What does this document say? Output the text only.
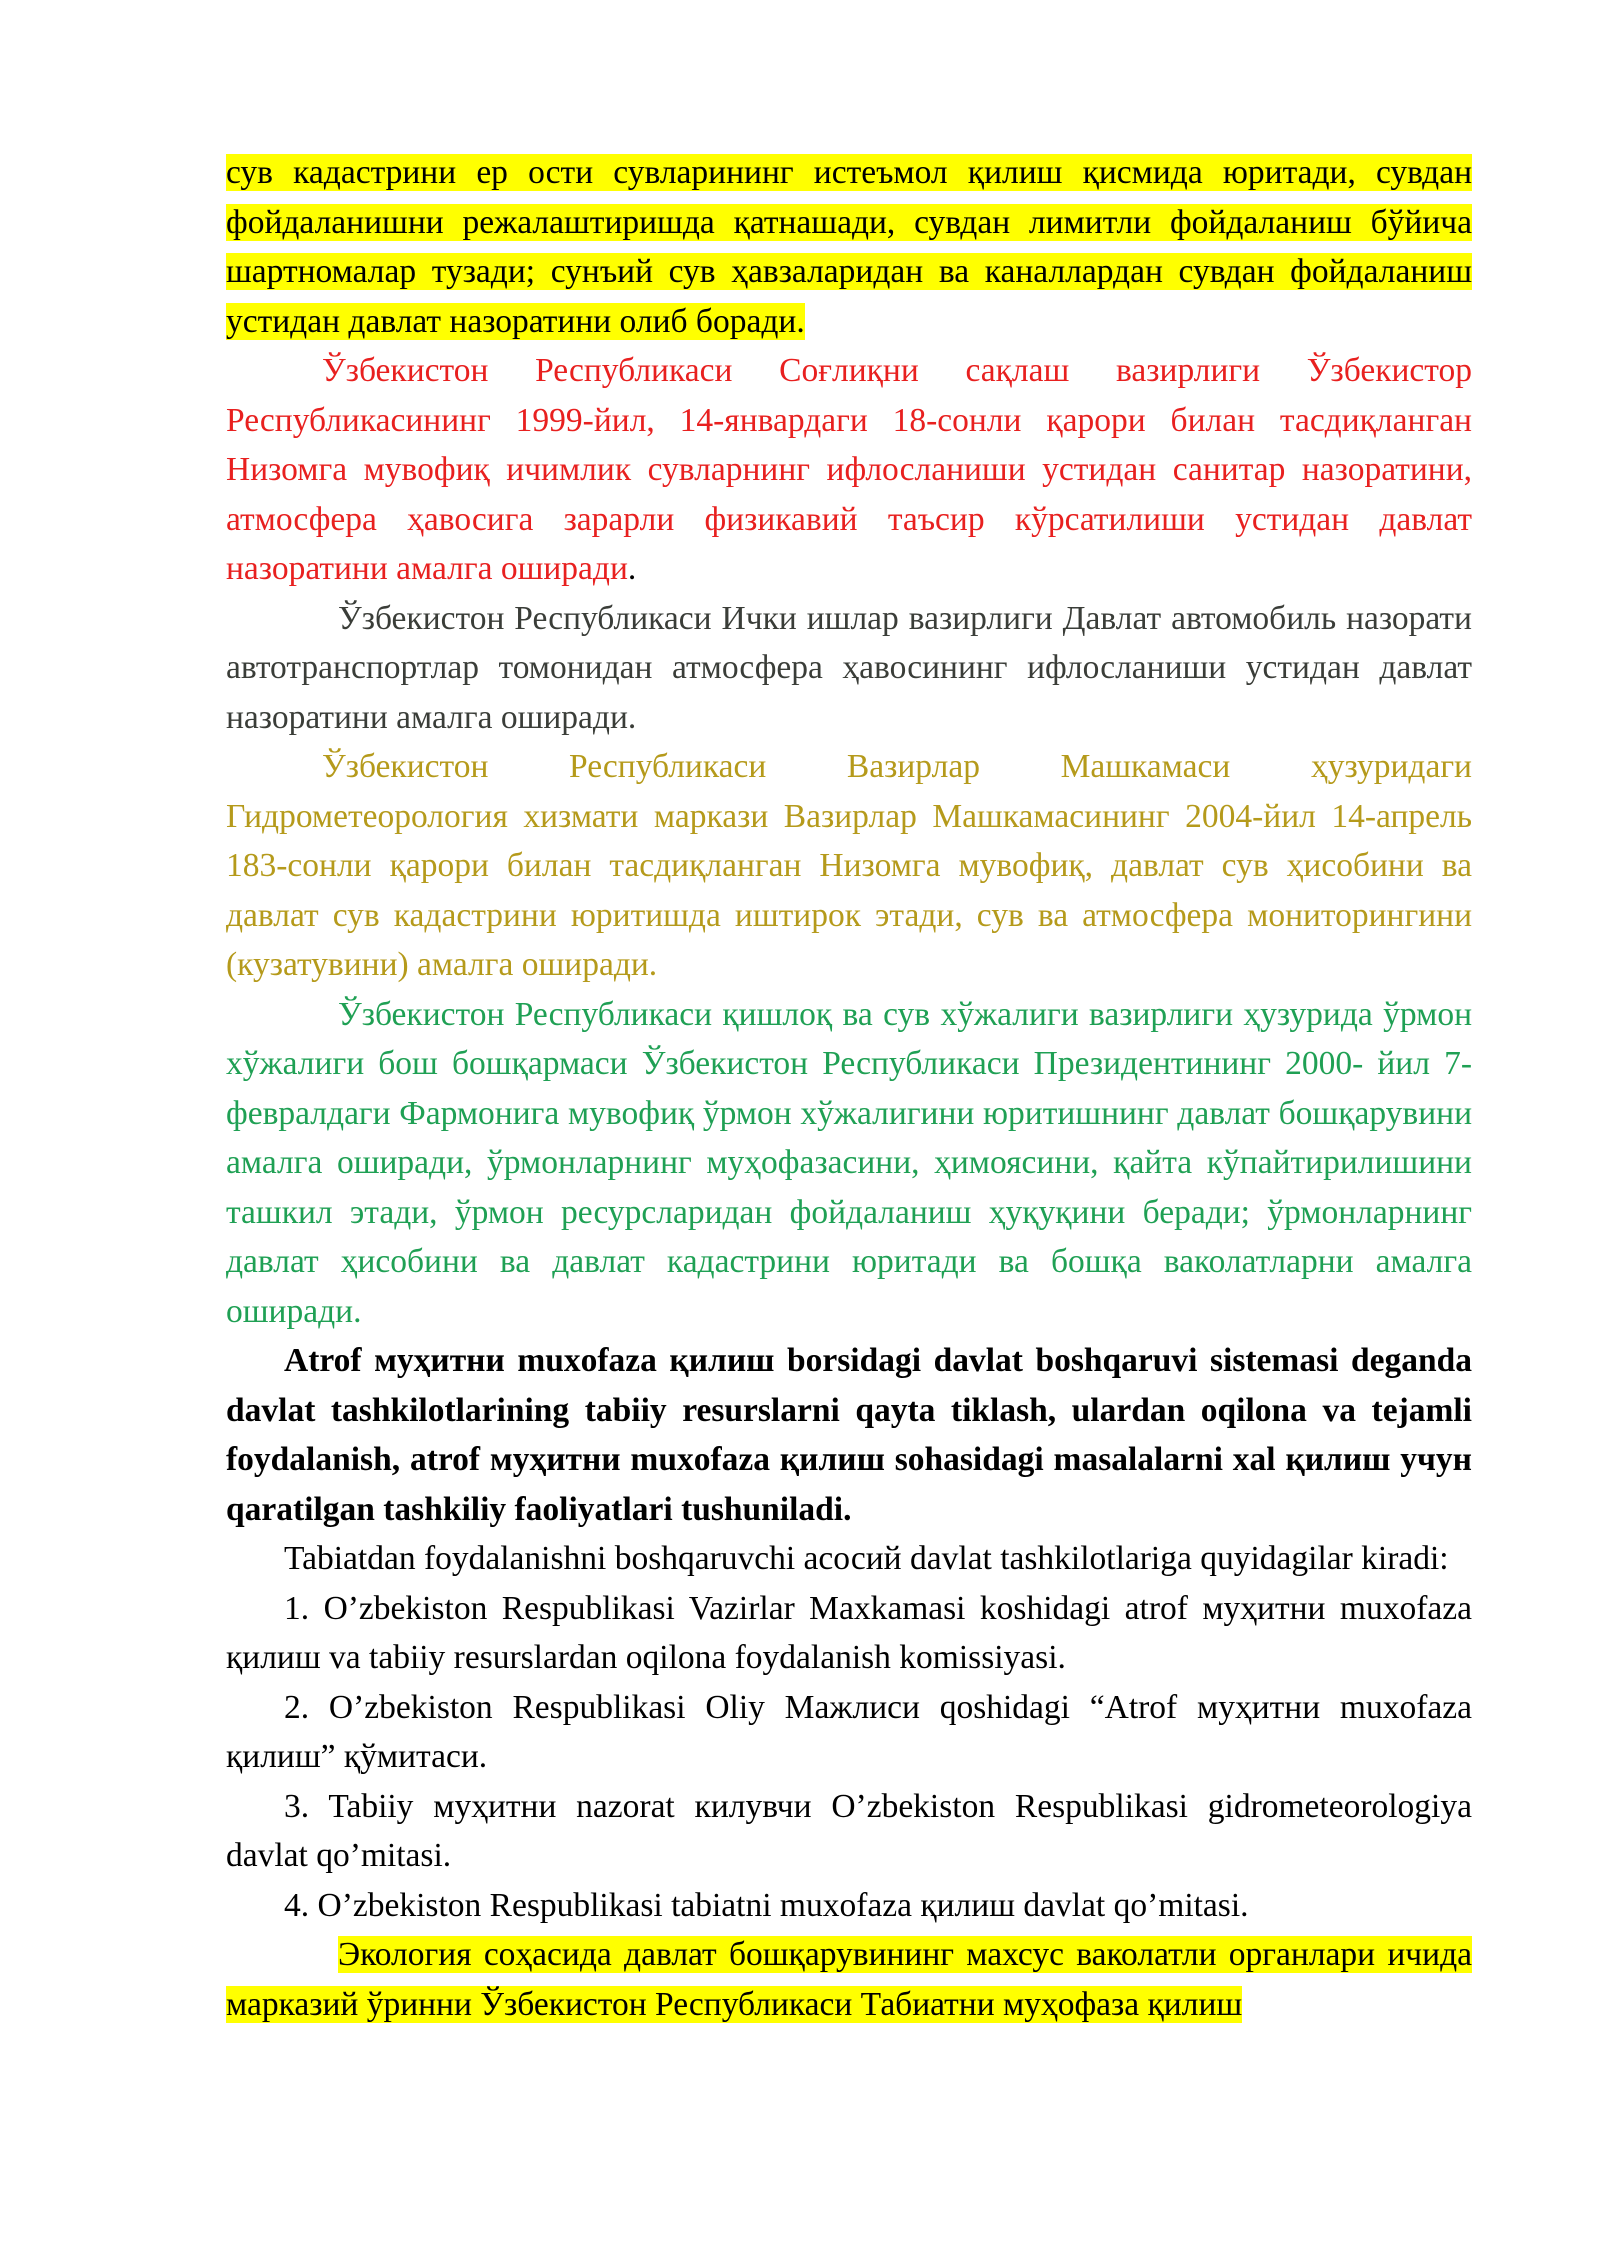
сув кадастрини ер ости сувларининг истеъмол қилиш қисмида юритади, сувдан фойдаланишни режалаштиришда қатнашади, сувдан лимитли фойдаланиш бўйича шартномалар тузади; сунъий сув ҳавзаларидан ва каналлардан сувдан фойдаланиш устидан давлат назоратини олиб боради.

Ўзбекистон Республикаси Соғлиқни сақлаш вазирлиги Ўзбекистор Республикасининг 1999-йил, 14-январдаги 18-сонли қарори билан тасдиқланган Низомга мувофиқ ичимлик сувларнинг ифлосланиши устидан санитар назоратини, атмосфера ҳавосига зарарли физикавий таъсир кўрсатилиши устидан давлат назоратини амалга оширади.

Ўзбекистон Республикаси Ички ишлар вазирлиги Давлат автомобиль назорати автотранспортлар томонидан атмосфера ҳавосининг ифлосланиши устидан давлат назоратини амалга оширади.

Ўзбекистон Республикаси Вазирлар Машкамаси ҳузуридаги Гидрометеорология хизмати маркази Вазирлар Машкамасининг 2004-йил 14-апрель 183-сонли қарори билан тасдиқланган Низомга мувофиқ, давлат сув ҳисобини ва давлат сув кадастрини юритишда иштирок этади, сув ва атмосфера мониторингини (кузатувини) амалга оширади.

Ўзбекистон Республикаси қишлоқ ва сув хўжалиги вазирлиги ҳузурида ўрмон хўжалиги бош бошқармаси Ўзбекистон Республикаси Президентининг 2000- йил 7- февралдаги Фармонига мувофиқ ўрмон хўжалигини юритишнинг давлат бошқарувини амалга оширади, ўрмонларнинг муҳофазасини, ҳимоясини, қайта кўпайтирилишини ташкил этади, ўрмон ресурсларидан фойдаланиш ҳуқуқини беради; ўрмонларнинг давлат ҳисобини ва давлат кадастрини юритади ва бошқа ваколатларни амалга оширади.

Atrof муҳитни muxofaza қилиш borsidagi davlat boshqaruvi sistemasi deganda davlat tashkilotlarining tabiiy resurslarni qayta tiklash, ulardan oqilona va tejamli foydalanish, atrof муҳитни muxofaza қилиш sohasidagi masalalarni xal қилиш учун qaratilgan tashkiliy faoliyatlari tushuniladi.

Tabiatdan foydalanishni boshqaruvchi асосий davlat tashkilotlariga quyidagilar kiradi:

1. O’zbekiston Respublikasi Vazirlar Maxkamasi koshidagi atrof муҳитни muxofaza қилиш va tabiiy resurslardan oqilona foydalanish komissiyasi.

2. O’zbekiston Respublikasi Oliy Мажлиси qoshidagi “Atrof муҳитни muxofaza қилиш” қўмитаси.

3. Tabiiy муҳитни nazorat килувчи O’zbekiston Respublikasi gidrometeorologiya davlat qo’mitasi.

4. O’zbekiston Respublikasi tabiatni muxofaza қилиш davlat qo’mitasi.

Экология соҳасида давлат бошқарувининг махсус ваколатли органлари ичида марказий ўринни Ўзбекистон Республикаси Табиатни муҳофаза қилиш
